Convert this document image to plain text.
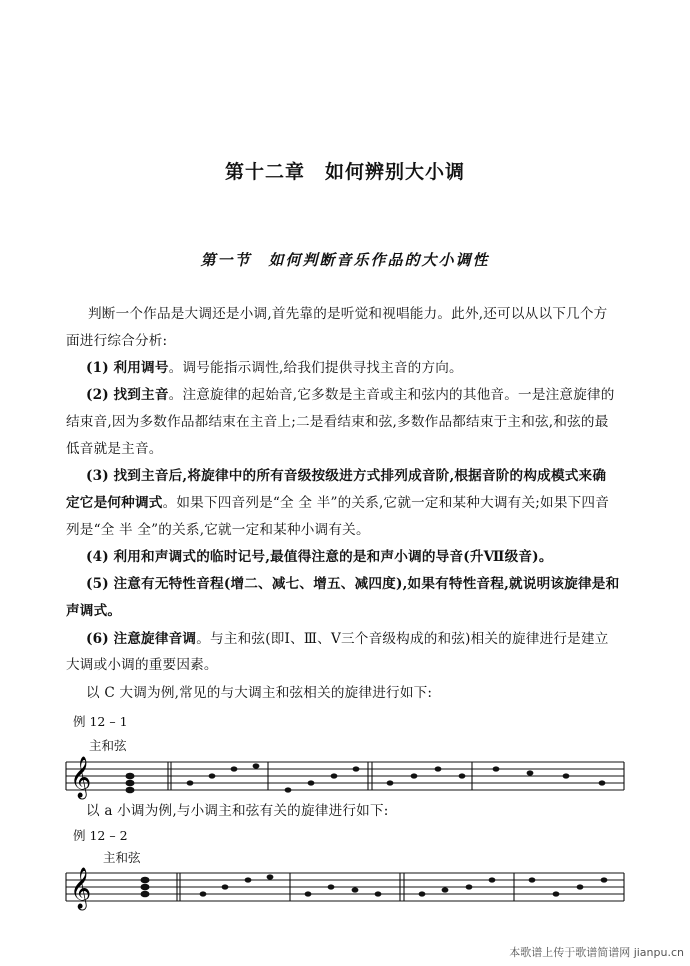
第十二章　如何辨别大小调
第一节　如何判断音乐作品的大小调性
判断一个作品是大调还是小调,首先靠的是听觉和视唱能力。此外,还可以从以下几个方
面进行综合分析:
(1) 利用调号。调号能指示调性,给我们提供寻找主音的方向。
(2) 找到主音。注意旋律的起始音,它多数是主音或主和弦内的其他音。一是注意旋律的
结束音,因为多数作品都结束在主音上;二是看结束和弦,多数作品都结束于主和弦,和弦的最
低音就是主音。
(3) 找到主音后,将旋律中的所有音级按级进方式排列成音阶,根据音阶的构成模式来确
定它是何种调式。如果下四音列是“全 全 半”的关系,它就一定和某种大调有关;如果下四音
列是“全 半 全”的关系,它就一定和某种小调有关。
(4) 利用和声调式的临时记号,最值得注意的是和声小调的导音(升Ⅶ级音)。
(5) 注意有无特性音程(增二、减七、增五、减四度),如果有特性音程,就说明该旋律是和
声调式。
(6) 注意旋律音调。与主和弦(即Ⅰ、Ⅲ、Ⅴ三个音级构成的和弦)相关的旋律进行是建立
大调或小调的重要因素。
以 C 大调为例,常见的与大调主和弦相关的旋律进行如下:
例 12 – 1
主和弦
𝄞
以 a 小调为例,与小调主和弦有关的旋律进行如下:
例 12 – 2
主和弦
𝄞
本歌谱上传于歌谱简谱网 jianpu.cn
